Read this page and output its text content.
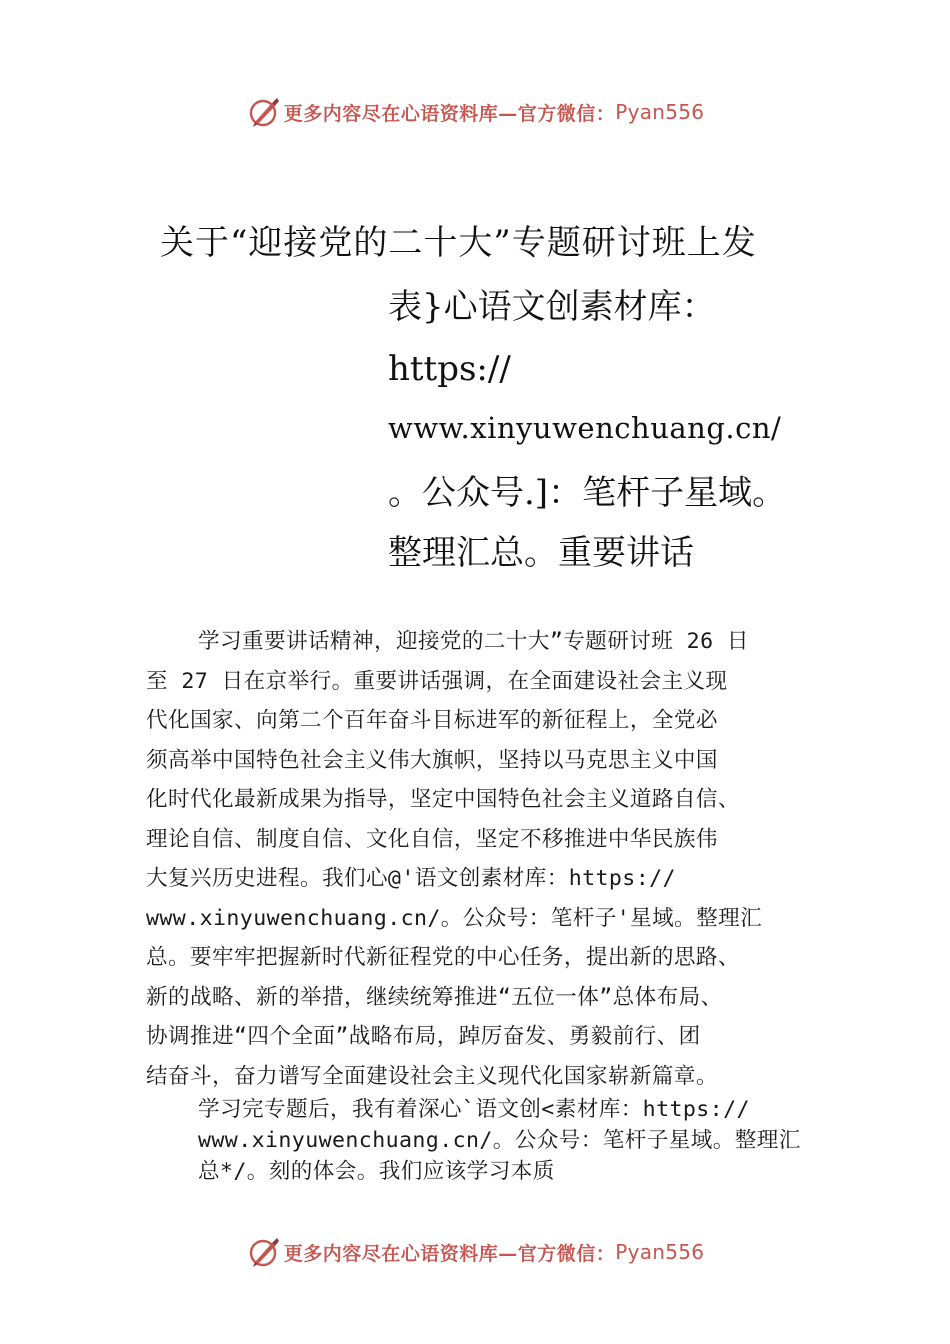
更多内容尽在心语资料库—官方微信： Pyan556
关于“迎接党的二十大”专题研讨班上发
表}心语文创素材库：
https://
www.xinyuwenchuang.cn/
。公众号.]：笔杆子星域。
整理汇总。重要讲话
学习重要讲话精神，迎接党的二十大”专题研讨班 26 日
至 27 日在京举行。重要讲话强调，在全面建设社会主义现
代化国家、向第二个百年奋斗目标进军的新征程上，全党必
须高举中国特色社会主义伟大旗帜，坚持以马克思主义中国
化时代化最新成果为指导，坚定中国特色社会主义道路自信、
理论自信、制度自信、文化自信，坚定不移推进中华民族伟
大复兴历史进程。我们心@'语文创素材库：https://
www.xinyuwenchuang.cn/。公众号：笔杆子'星域。整理汇
总。要牢牢把握新时代新征程党的中心任务，提出新的思路、
新的战略、新的举措，继续统筹推进“五位一体”总体布局、
协调推进“四个全面”战略布局，踔厉奋发、勇毅前行、团
结奋斗，奋力谱写全面建设社会主义现代化国家崭新篇章。
学习完专题后，我有着深心`语文创<素材库：https://
www.xinyuwenchuang.cn/。公众号：笔杆子星域。整理汇
总*/。刻的体会。我们应该学习本质
更多内容尽在心语资料库—官方微信： Pyan556
